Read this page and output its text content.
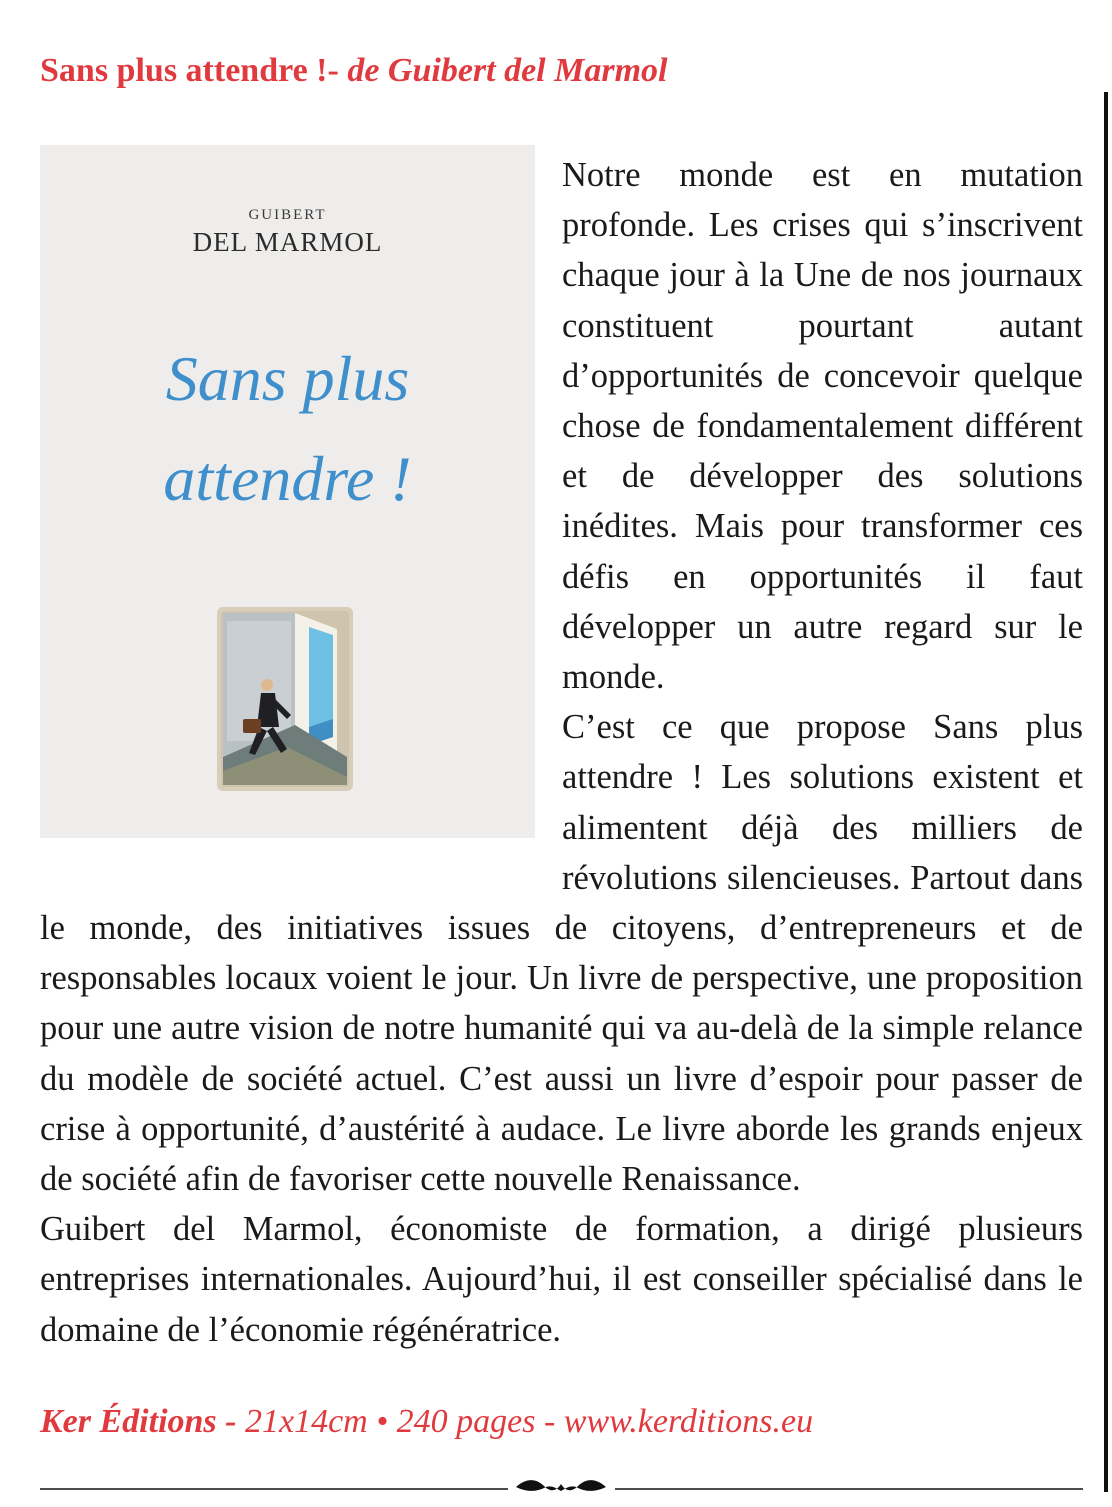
Sans plus attendre !- de Guibert del Marmol
GUIBERT
DEL MARMOL
Sans plus
attendre !
Notre monde est en mutation profonde. Les crises qui s’inscrivent chaque jour à la Une de nos journaux constituent pourtant autant d’opportunités de concevoir quelque chose de fondamentalement différent et de développer des solutions inédites. Mais pour transformer ces défis en opportunités il faut développer un autre regard sur le monde.
C’est ce que propose Sans plus attendre ! Les solutions existent et alimentent déjà des milliers de révolutions silencieuses. Partout dans le monde, des initiatives issues de citoyens, d’entrepreneurs et de responsables locaux voient le jour. Un livre de perspective, une proposition pour une autre vision de notre humanité qui va au-delà de la simple relance du modèle de société actuel. C’est aussi un livre d’espoir pour passer de crise à opportunité, d’austérité à audace. Le livre aborde les grands enjeux de société afin de favoriser cette nouvelle Renaissance.
Guibert del Marmol, économiste de formation, a dirigé plusieurs entreprises internationales. Aujourd’hui, il est conseiller spécialisé dans le domaine de l’économie régénératrice.
Ker Éditions - 21x14cm • 240 pages - www.kerditions.eu
